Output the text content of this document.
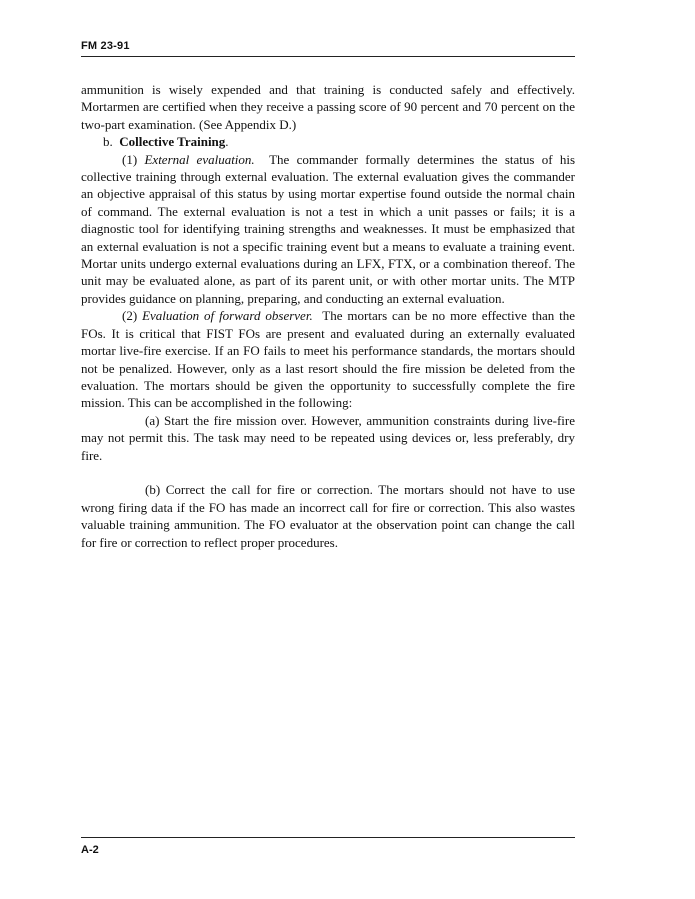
FM 23-91

ammunition is wisely expended and that training is conducted safely and effectively. Mortarmen are certified when they receive a passing score of 90 percent and 70 percent on the two-part examination. (See Appendix D.)

b. Collective Training.

(1) External evaluation. The commander formally determines the status of his collective training through external evaluation. The external evaluation gives the commander an objective appraisal of this status by using mortar expertise found outside the normal chain of command. The external evaluation is not a test in which a unit passes or fails; it is a diagnostic tool for identifying training strengths and weaknesses. It must be emphasized that an external evaluation is not a specific training event but a means to evaluate a training event. Mortar units undergo external evaluations during an LFX, FTX, or a combination thereof. The unit may be evaluated alone, as part of its parent unit, or with other mortar units. The MTP provides guidance on planning, preparing, and conducting an external evaluation.

(2) Evaluation of forward observer. The mortars can be no more effective than the FOs. It is critical that FIST FOs are present and evaluated during an externally evaluated mortar live-fire exercise. If an FO fails to meet his performance standards, the mortars should not be penalized. However, only as a last resort should the fire mission be deleted from the evaluation. The mortars should be given the opportunity to successfully complete the fire mission. This can be accomplished in the following:

(a) Start the fire mission over. However, ammunition constraints during live-fire may not permit this. The task may need to be repeated using devices or, less preferably, dry fire.

(b) Correct the call for fire or correction. The mortars should not have to use wrong firing data if the FO has made an incorrect call for fire or correction. This also wastes valuable training ammunition. The FO evaluator at the observation point can change the call for fire or correction to reflect proper procedures.

A-2
